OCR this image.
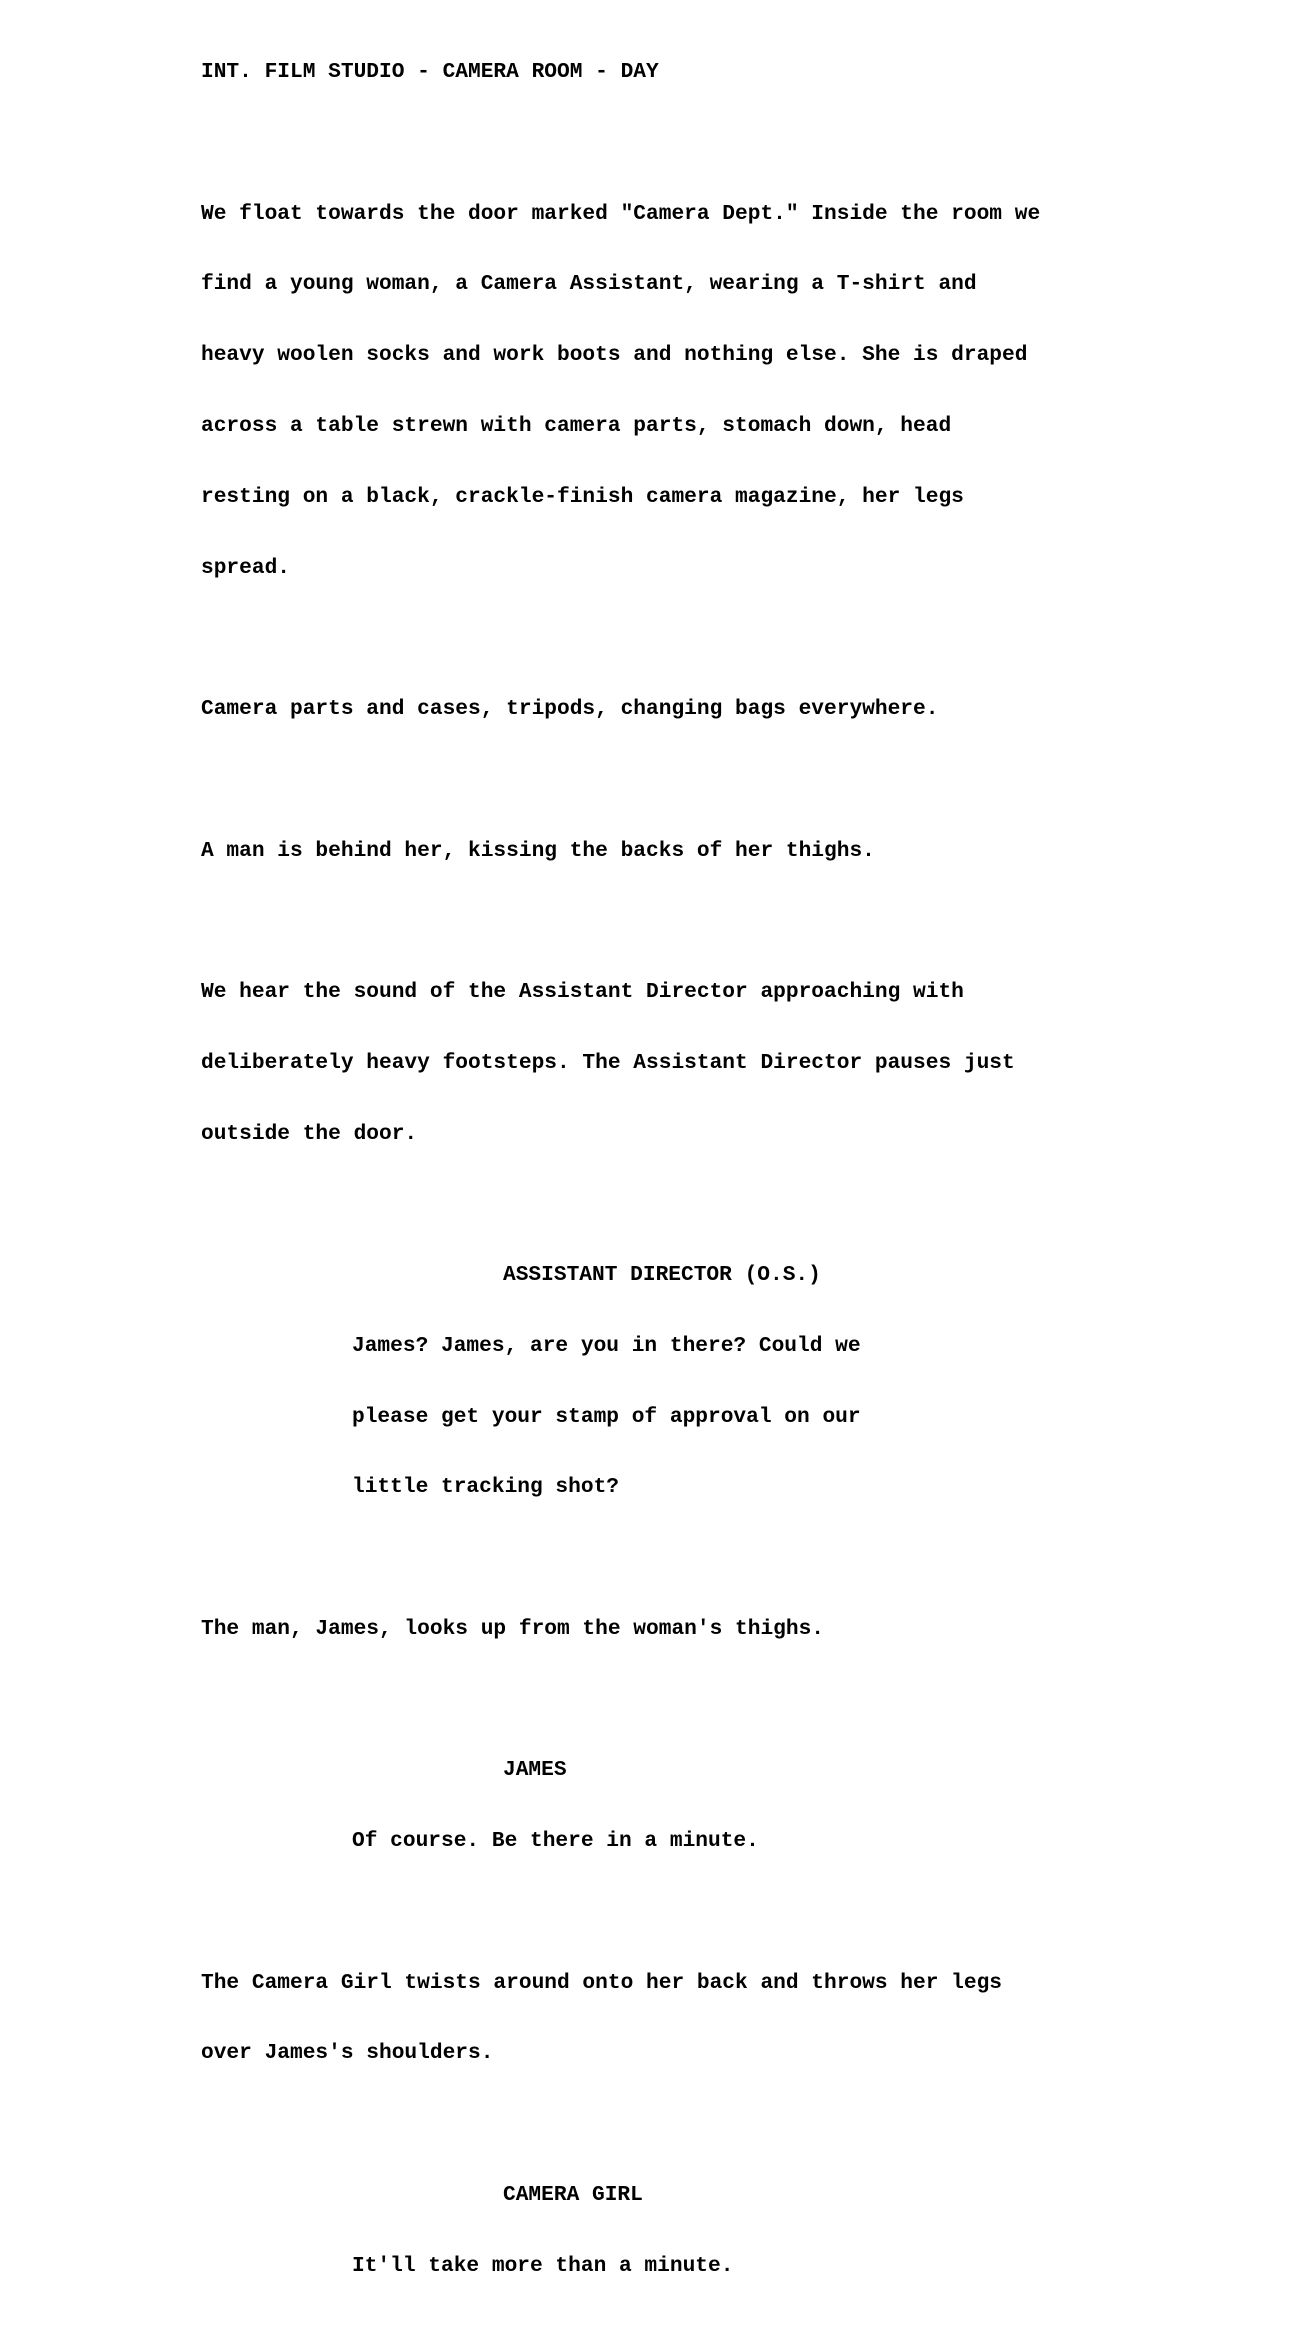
INT. FILM STUDIO - CAMERA ROOM - DAY

We float towards the door marked "Camera Dept." Inside the room we

find a young woman, a Camera Assistant, wearing a T-shirt and

heavy woolen socks and work boots and nothing else. She is draped

across a table strewn with camera parts, stomach down, head

resting on a black, crackle-finish camera magazine, her legs

spread.

Camera parts and cases, tripods, changing bags everywhere.

A man is behind her, kissing the backs of her thighs.

We hear the sound of the Assistant Director approaching with

deliberately heavy footsteps. The Assistant Director pauses just

outside the door.

ASSISTANT DIRECTOR (O.S.)

James? James, are you in there? Could we

please get your stamp of approval on our

little tracking shot?

The man, James, looks up from the woman's thighs.

JAMES

Of course. Be there in a minute.

The Camera Girl twists around onto her back and throws her legs

over James's shoulders.

CAMERA GIRL

It'll take more than a minute.
